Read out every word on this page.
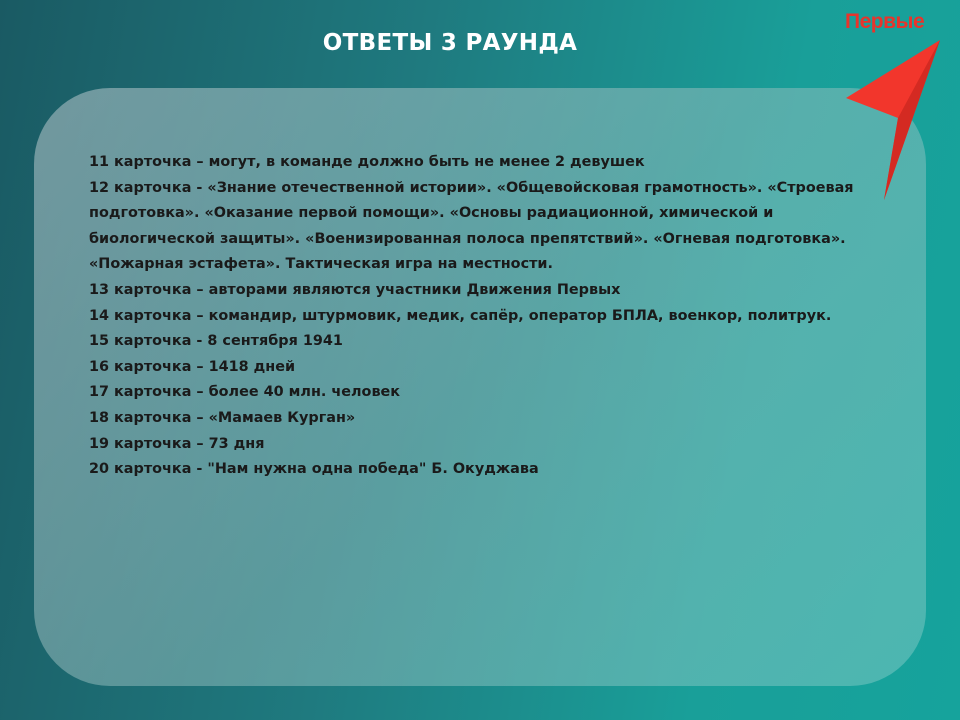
ОТВЕТЫ 3 РАУНДА
11 карточка – могут, в команде должно быть не менее 2 девушек
12 карточка - «Знание отечественной истории». «Общевойсковая грамотность». «Строевая подготовка». «Оказание первой помощи». «Основы радиационной, химической и биологической защиты». «Военизированная полоса препятствий». «Огневая подготовка». «Пожарная эстафета». Тактическая игра на местности.
13 карточка – авторами являются участники Движения Первых
14 карточка – командир, штурмовик, медик, сапёр, оператор БПЛА, военкор, политрук.
15 карточка - 8 сентября 1941
16 карточка – 1418 дней
17 карточка – более 40 млн. человек
18 карточка – «Мамаев Курган»
19 карточка – 73 дня
20 карточка - "Нам нужна одна победа" Б. Окуджава
Первые
